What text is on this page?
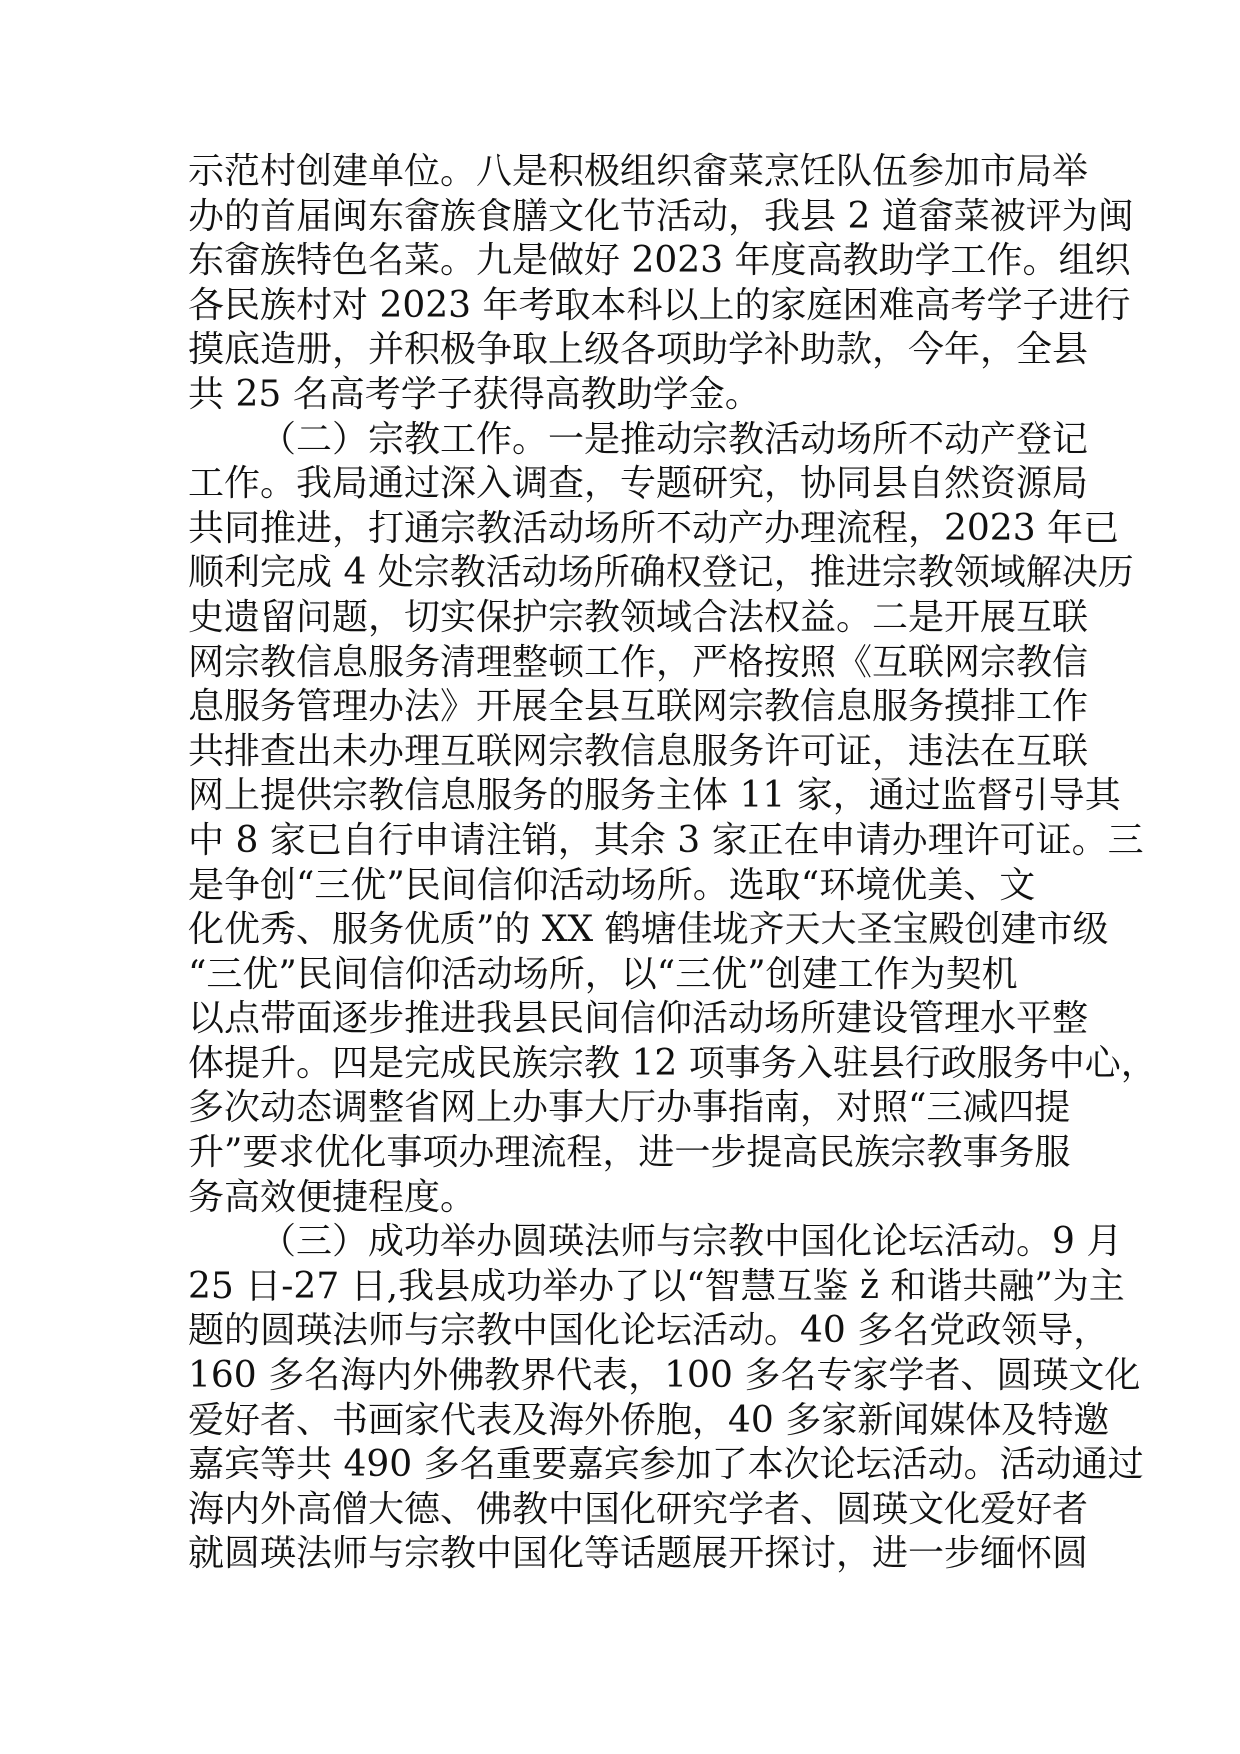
示范村创建单位。八是积极组织畲菜烹饪队伍参加市局举
办的首届闽东畲族食膳文化节活动，我县 2 道畲菜被评为闽
东畲族特色名菜。九是做好 2023 年度高教助学工作。组织
各民族村对 2023 年考取本科以上的家庭困难高考学子进行
摸底造册，并积极争取上级各项助学补助款，今年，全县
共 25 名高考学子获得高教助学金。
（二）宗教工作。一是推动宗教活动场所不动产登记
工作。我局通过深入调查，专题研究，协同县自然资源局
共同推进，打通宗教活动场所不动产办理流程，2023 年已
顺利完成 4 处宗教活动场所确权登记，推进宗教领域解决历
史遗留问题，切实保护宗教领域合法权益。二是开展互联
网宗教信息服务清理整顿工作，严格按照《互联网宗教信
息服务管理办法》开展全县互联网宗教信息服务摸排工作
共排查出未办理互联网宗教信息服务许可证，违法在互联
网上提供宗教信息服务的服务主体 11 家，通过监督引导其
中 8 家已自行申请注销，其余 3 家正在申请办理许可证。三
是争创“三优”民间信仰活动场所。选取“环境优美、文
化优秀、服务优质”的 XX 鹤塘佳垅齐天大圣宝殿创建市级
“三优”民间信仰活动场所，以“三优”创建工作为契机
以点带面逐步推进我县民间信仰活动场所建设管理水平整
体提升。四是完成民族宗教 12 项事务入驻县行政服务中心，
多次动态调整省网上办事大厅办事指南，对照“三减四提
升”要求优化事项办理流程，进一步提高民族宗教事务服
务高效便捷程度。
（三）成功举办圆瑛法师与宗教中国化论坛活动。9 月
25 日-27 日,我县成功举办了以“智慧互鉴 ž 和谐共融”为主
题的圆瑛法师与宗教中国化论坛活动。40 多名党政领导，
160 多名海内外佛教界代表，100 多名专家学者、圆瑛文化
爱好者、书画家代表及海外侨胞，40 多家新闻媒体及特邀
嘉宾等共 490 多名重要嘉宾参加了本次论坛活动。活动通过
海内外高僧大德、佛教中国化研究学者、圆瑛文化爱好者
就圆瑛法师与宗教中国化等话题展开探讨，进一步缅怀圆
